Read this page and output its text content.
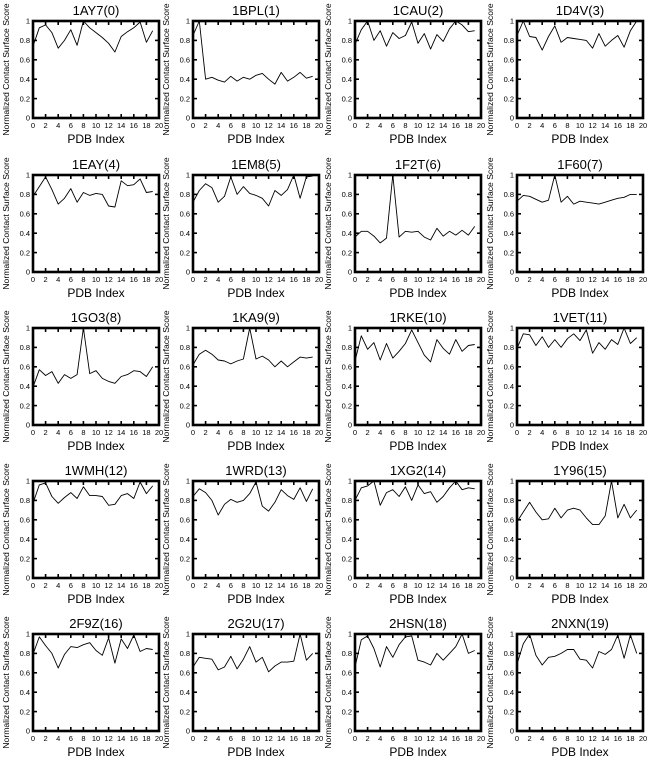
1AY7(0)
0
0.2
0.4
0.6
0.8
1
0 2 4 6 8 10 12 14 16 18 20
PDB Index
Normalized Contact Surface Score	1BPL(1)
0
0.2
0.4
0.6
0.8
1
0 2 4 6 8 10 12 14 16 18 20
PDB Index
Normalized Contact Surface Score	1CAU(2)
0
0.2
0.4
0.6
0.8
1
0 2 4 6 8 10 12 14 16 18 20
PDB Index
Normalized Contact Surface Score	1D4V(3)
0
0.2
0.4
0.6
0.8
1
0 2 4 6 8 10 12 14 16 18 20
PDB Index
Normalized Contact Surface Score
1EAY(4)
0
0.2
0.4
0.6
0.8
1
0 2 4 6 8 10 12 14 16 18 20
PDB Index
Normalized Contact Surface Score	1EM8(5)
0
0.2
0.4
0.6
0.8
1
0 2 4 6 8 10 12 14 16 18 20
PDB Index
Normalized Contact Surface Score	1F2T(6)
0
0.2
0.4
0.6
0.8
1
0 2 4 6 8 10 12 14 16 18 20
PDB Index
Normalized Contact Surface Score	1F60(7)
0
0.2
0.4
0.6
0.8
1
0 2 4 6 8 10 12 14 16 18 20
PDB Index
Normalized Contact Surface Score
1GO3(8)
0
0.2
0.4
0.6
0.8
1
0 2 4 6 8 10 12 14 16 18 20
PDB Index
Normalized Contact Surface Score	1KA9(9)
0
0.2
0.4
0.6
0.8
1
0 2 4 6 8 10 12 14 16 18 20
PDB Index
Normalized Contact Surface Score	1RKE(10)
0
0.2
0.4
0.6
0.8
1
0 2 4 6 8 10 12 14 16 18 20
PDB Index
Normalized Contact Surface Score	1VET(11)
0
0.2
0.4
0.6
0.8
1
0 2 4 6 8 10 12 14 16 18 20
PDB Index
Normalized Contact Surface Score
1WMH(12)
0
0.2
0.4
0.6
0.8
1
0 2 4 6 8 10 12 14 16 18 20
PDB Index
Normalized Contact Surface Score	1WRD(13)
0
0.2
0.4
0.6
0.8
1
0 2 4 6 8 10 12 14 16 18 20
PDB Index
Normalized Contact Surface Score	1XG2(14)
0
0.2
0.4
0.6
0.8
1
0 2 4 6 8 10 12 14 16 18 20
PDB Index
Normalized Contact Surface Score	1Y96(15)
0
0.2
0.4
0.6
0.8
1
0 2 4 6 8 10 12 14 16 18 20
PDB Index
Normalized Contact Surface Score
2F9Z(16)
0
0.2
0.4
0.6
0.8
1
0 2 4 6 8 10 12 14 16 18 20
PDB Index
Normalized Contact Surface Score	2G2U(17)
0
0.2
0.4
0.6
0.8
1
0 2 4 6 8 10 12 14 16 18 20
PDB Index
Normalized Contact Surface Score	2HSN(18)
0
0.2
0.4
0.6
0.8
1
0 2 4 6 8 10 12 14 16 18 20
PDB Index
Normalized Contact Surface Score	2NXN(19)
0
0.2
0.4
0.6
0.8
1
0 2 4 6 8 10 12 14 16 18 20
PDB Index
Normalized Contact Surface Score
